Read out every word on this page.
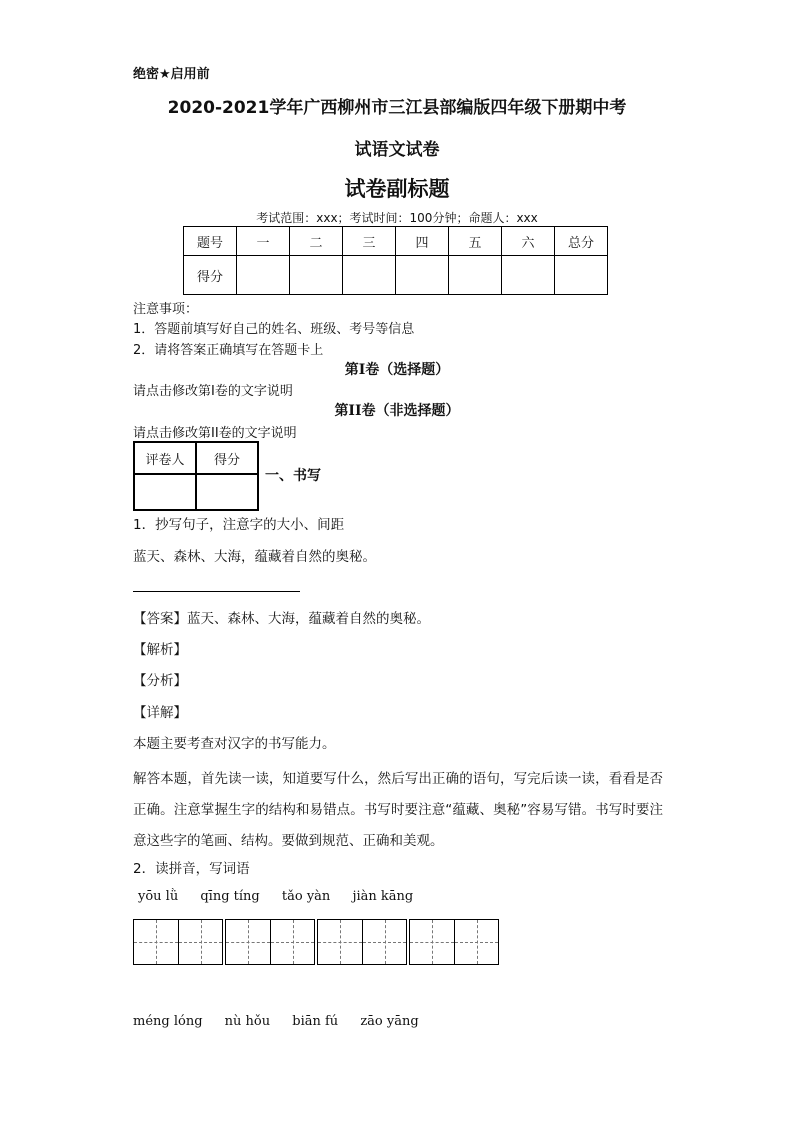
绝密★启用前
2020-2021学年广西柳州市三江县部编版四年级下册期中考
试语文试卷
试卷副标题
考试范围：xxx；考试时间：100分钟；命题人：xxx
题号	一	二	三	四	五	六	总分
得分							
注意事项：
1．答题前填写好自己的姓名、班级、考号等信息
2．请将答案正确填写在答题卡上
第I卷（选择题）
请点击修改第I卷的文字说明
第II卷（非选择题）
请点击修改第II卷的文字说明
评卷人	得分

一、书写
1．抄写句子，注意字的大小、间距
蓝天、森林、大海，蕴藏着自然的奥秘。
【答案】蓝天、森林、大海，蕴藏着自然的奥秘。
【解析】
【分析】
【详解】
本题主要考查对汉字的书写能力。
解答本题，首先读一读，知道要写什么，然后写出正确的语句，写完后读一读，看看是否正确。注意掌握生字的结构和易错点。书写时要注意“蕴藏、奥秘”容易写错。书写时要注意这些字的笔画、结构。要做到规范、正确和美观。
2．读拼音，写词语
yōu lǜ qīng tíng tǎo yàn jiàn kāng
méng lóng nù hǒu biān fú zāo yāng
